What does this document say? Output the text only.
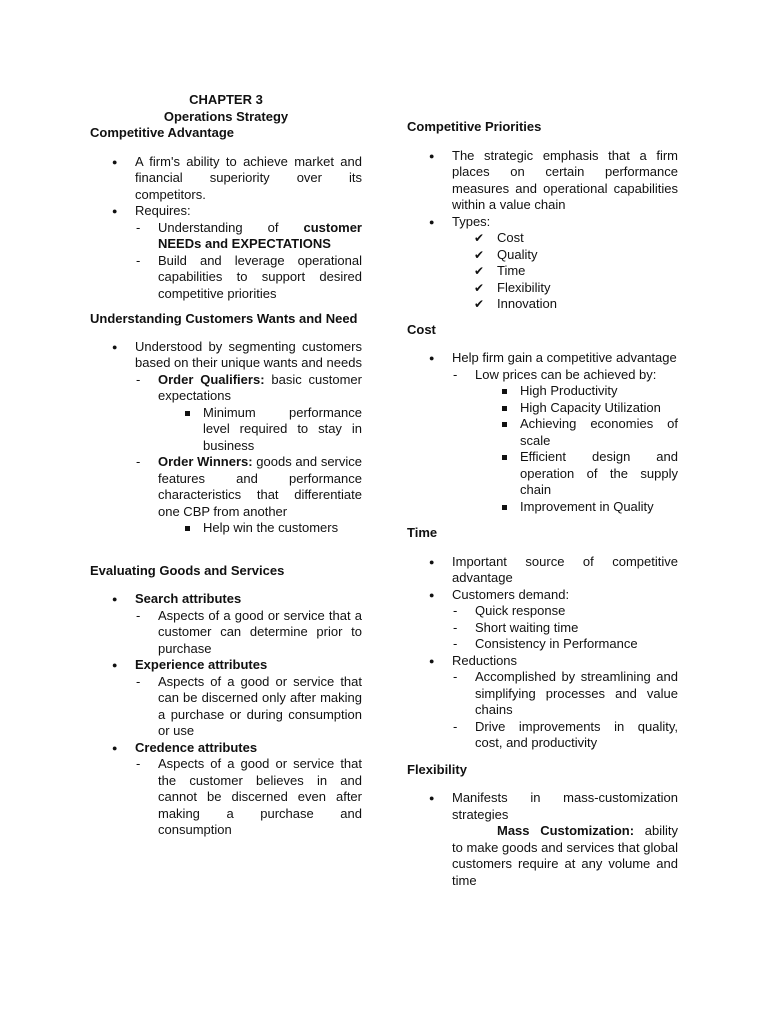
CHAPTER 3
Operations Strategy
Competitive Advantage
● A firm's ability to achieve market and financial superiority over its competitors.
● Requires:
- Understanding of customer NEEDs and EXPECTATIONS
- Build and leverage operational capabilities to support desired competitive priorities
Understanding Customers Wants and Need
● Understood by segmenting customers based on their unique wants and needs
- Order Qualifiers: basic customer expectations
Minimum performance level required to stay in business
- Order Winners: goods and service features and performance characteristics that differentiate one CBP from another
Help win the customers
Evaluating Goods and Services
● Search attributes
- Aspects of a good or service that a customer can determine prior to purchase
● Experience attributes
- Aspects of a good or service that can be discerned only after making a purchase or during consumption or use
● Credence attributes
- Aspects of a good or service that the customer believes in and cannot be discerned even after making a purchase and consumption
Competitive Priorities
● The strategic emphasis that a firm places on certain performance measures and operational capabilities within a value chain
● Types:
✔ Cost
✔ Quality
✔ Time
✔ Flexibility
✔ Innovation
Cost
● Help firm gain a competitive advantage
- Low prices can be achieved by:
High Productivity
High Capacity Utilization
Achieving economies of scale
Efficient design and operation of the supply chain
Improvement in Quality
Time
● Important source of competitive advantage
● Customers demand:
- Quick response
- Short waiting time
- Consistency in Performance
● Reductions
- Accomplished by streamlining and simplifying processes and value chains
- Drive improvements in quality, cost, and productivity
Flexibility
● Manifests in mass-customization strategies
Mass Customization: ability to make goods and services that global customers require at any volume and time
